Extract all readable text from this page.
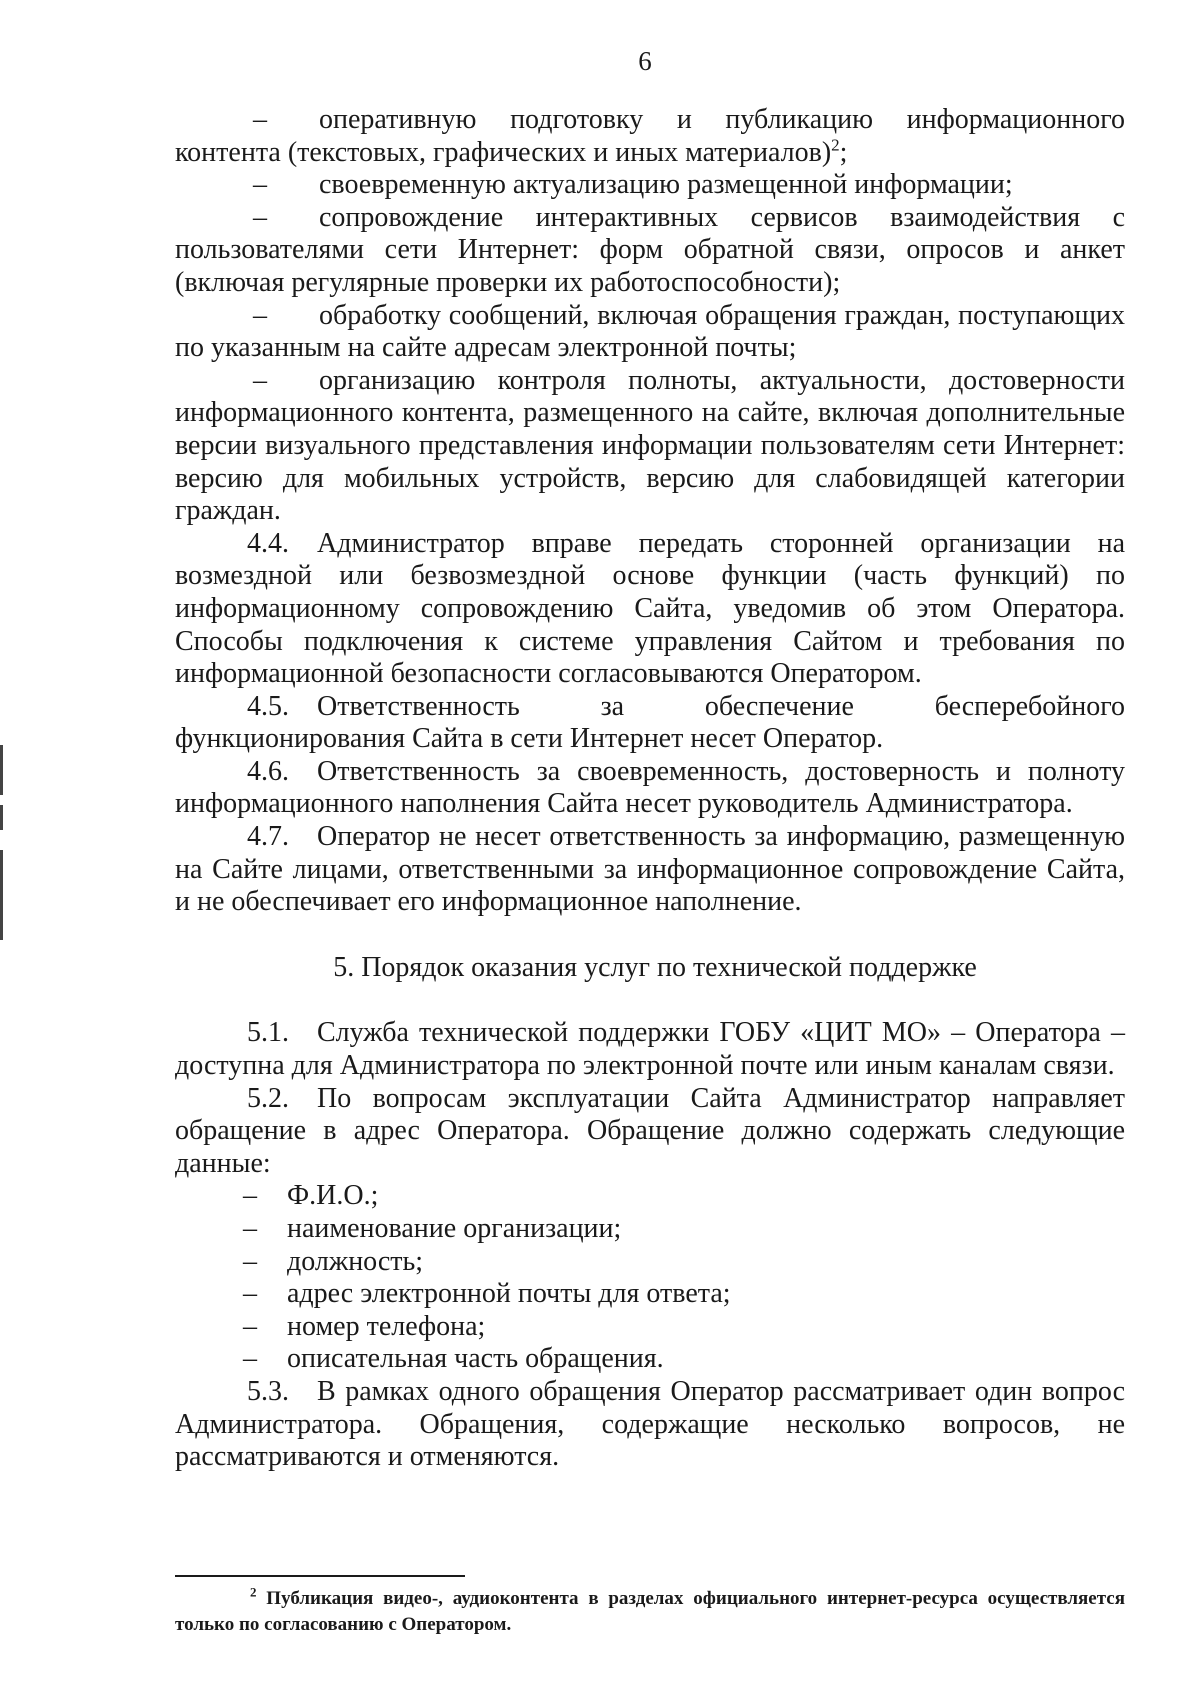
6

– оперативную подготовку и публикацию информационного контента (текстовых, графических и иных материалов)$^2$;

– своевременную актуализацию размещенной информации;

– сопровождение интерактивных сервисов взаимодействия с пользователями сети Интернет: форм обратной связи, опросов и анкет (включая регулярные проверки их работоспособности);

– обработку сообщений, включая обращения граждан, поступающих по указанным на сайте адресам электронной почты;

– организацию контроля полноты, актуальности, достоверности информационного контента, размещенного на сайте, включая дополнительные версии визуального представления информации пользователям сети Интернет: версию для мобильных устройств, версию для слабовидящей категории граждан.

4.4. Администратор вправе передать сторонней организации на возмездной или безвозмездной основе функции (часть функций) по информационному сопровождению Сайта, уведомив об этом Оператора. Способы подключения к системе управления Сайтом и требования по информационной безопасности согласовываются Оператором.

4.5. Ответственность за обеспечение бесперебойного функционирования Сайта в сети Интернет несет Оператор.

4.6. Ответственность за своевременность, достоверность и полноту информационного наполнения Сайта несет руководитель Администратора.

4.7. Оператор не несет ответственность за информацию, размещенную на Сайте лицами, ответственными за информационное сопровождение Сайта, и не обеспечивает его информационное наполнение.

5. Порядок оказания услуг по технической поддержке

5.1. Служба технической поддержки ГОБУ «ЦИТ МО» – Оператора – доступна для Администратора по электронной почте или иным каналам связи.

5.2. По вопросам эксплуатации Сайта Администратор направляет обращение в адрес Оператора. Обращение должно содержать следующие данные:

– Ф.И.О.;
– наименование организации;
– должность;
– адрес электронной почты для ответа;
– номер телефона;
– описательная часть обращения.

5.3. В рамках одного обращения Оператор рассматривает один вопрос Администратора. Обращения, содержащие несколько вопросов, не рассматриваются и отменяются.

$^2$ Публикация видео-, аудиоконтента в разделах официального интернет-ресурса осуществляется только по согласованию с Оператором.
